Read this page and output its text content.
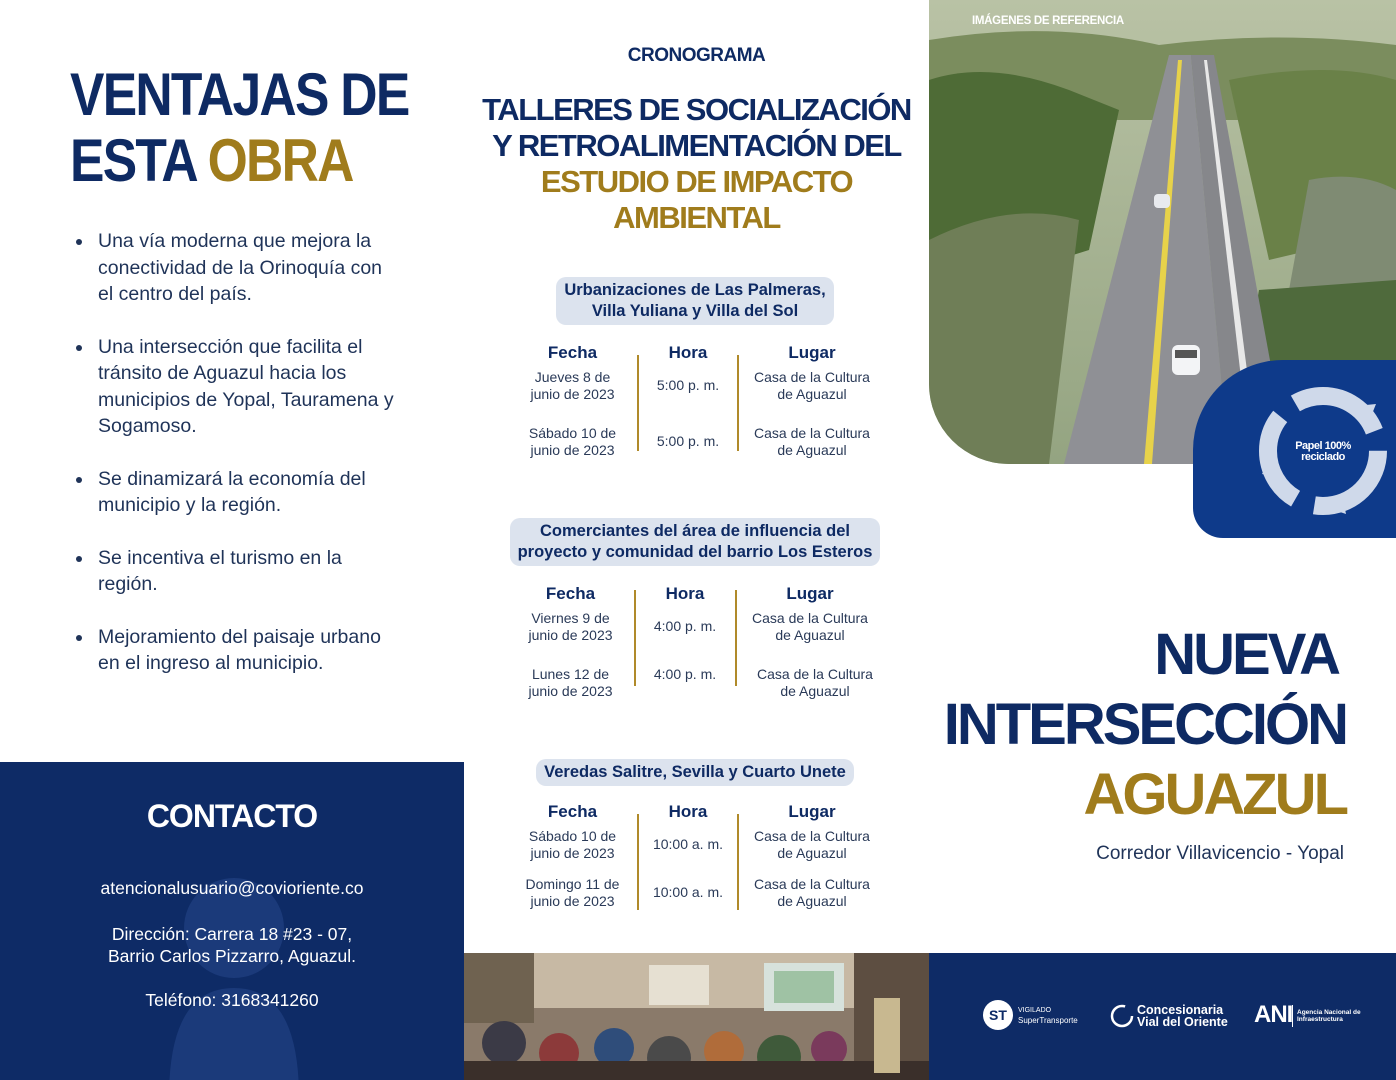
VENTAJAS DE
ESTA OBRA
Una vía moderna que mejora la conectividad de la Orinoquía con el centro del país.
Una intersección que facilita el tránsito de Aguazul hacia los municipios de Yopal, Tauramena y Sogamoso.
Se dinamizará la economía del municipio y la región.
Se incentiva el turismo en la región.
Mejoramiento del paisaje urbano en el ingreso al municipio.
CONTACTO
atencionalusuario@covioriente.co
Dirección: Carrera 18 #23 - 07,
Barrio Carlos Pizzarro, Aguazul.
Teléfono: 3168341260
CRONOGRAMA
TALLERES DE SOCIALIZACIÓN
Y RETROALIMENTACIÓN DEL
ESTUDIO DE IMPACTO
AMBIENTAL
Urbanizaciones de Las Palmeras,
Villa Yuliana y Villa del Sol
Fecha	Hora	Lugar
Jueves 8 de
junio de 2023
5:00 p. m.	Casa de la Cultura
de Aguazul
Sábado 10 de
junio de 2023
5:00 p. m.	Casa de la Cultura
de Aguazul
Comerciantes del área de influencia del
proyecto y comunidad del barrio Los Esteros
Fecha	Hora	Lugar
Viernes 9 de
junio de 2023
4:00 p. m.	Casa de la Cultura
de Aguazul
Lunes 12 de
junio de 2023
4:00 p. m.	Casa de la Cultura
de Aguazul
Veredas Salitre, Sevilla y Cuarto Unete
Fecha	Hora	Lugar
Sábado 10 de
junio de 2023
10:00 a. m.	Casa de la Cultura
de Aguazul
Domingo 11 de
junio de 2023
10:00 a. m.	Casa de la Cultura
de Aguazul
IMÁGENES DE REFERENCIA
Papel 100%
reciclado
NUEVA
INTERSECCIÓN
AGUAZUL
Corredor Villavicencio - Yopal
ST	VIGILADO
SuperTransporte
Concesionaria
Vial del Oriente ANI Agencia Nacional de
Infraestructura
